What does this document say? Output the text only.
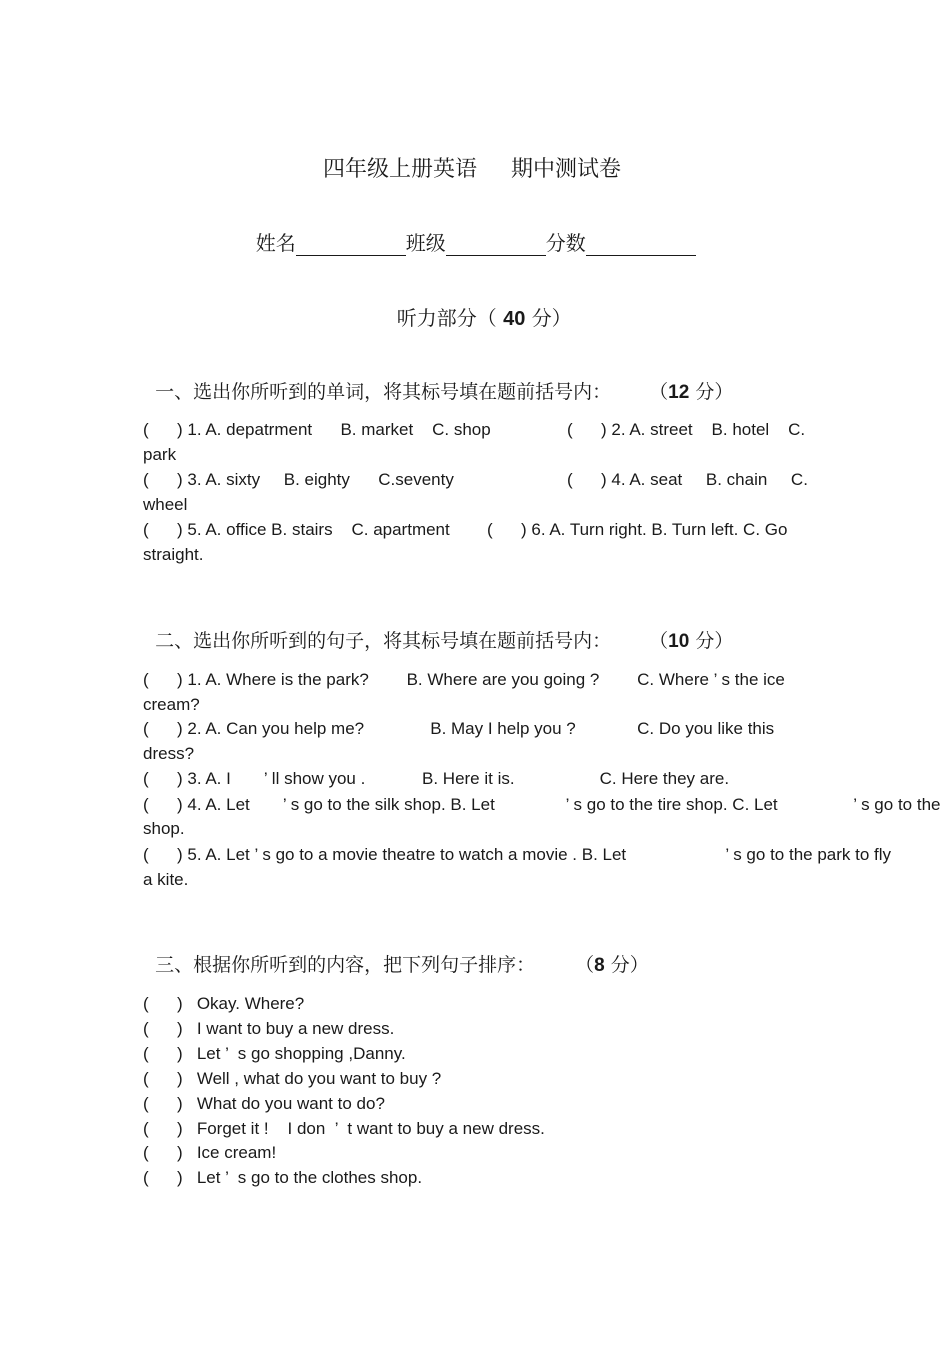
四年级上册英语 期中测试卷

姓名	班级	分数

听力部分（ 40 分）

一、选出你所听到的单词，将其标号填在题前括号内： （12 分）

(      ) 1. A. depatrment      B. market    C. shop	(      ) 2. A. street    B. hotel    C.
park
(      ) 3. A. sixty     B. eighty      C.seventy	(      ) 4. A. seat     B. chain     C.
wheel
(      ) 5. A. office B. stairs    C. apartment (      ) 6. A. Turn right. B. Turn left. C. Go
straight.

二、选出你所听到的句子，将其标号填在题前括号内： （10 分）

(      ) 1. A. Where is the park?        B. Where are you going ?        C. Where ’ s the ice
cream?
(      ) 2. A. Can you help me?              B. May I help you ?             C. Do you like this
dress?
(      ) 3. A. I       ’ ll show you .            B. Here it is.                  C. Here they are.
(      ) 4. A. Let       ’ s go to the silk shop. B. Let               ’ s go to the tire shop. C. Let                ’ s go to the
shop.
(      ) 5. A. Let ’ s go to a movie theatre to watch a movie . B. Let                     ’ s go to the park to fly
a kite.

三、根据你所听到的内容，把下列句子排序： （8 分）

(      )   Okay. Where?
(      )   I want to buy a new dress.
(      )   Let ’  s go shopping ,Danny.
(      )   Well , what do you want to buy ?
(      )   What do you want to do?
(      )   Forget it !    I don  ’  t want to buy a new dress.
(      )   Ice cream!
(      )   Let ’  s go to the clothes shop.
